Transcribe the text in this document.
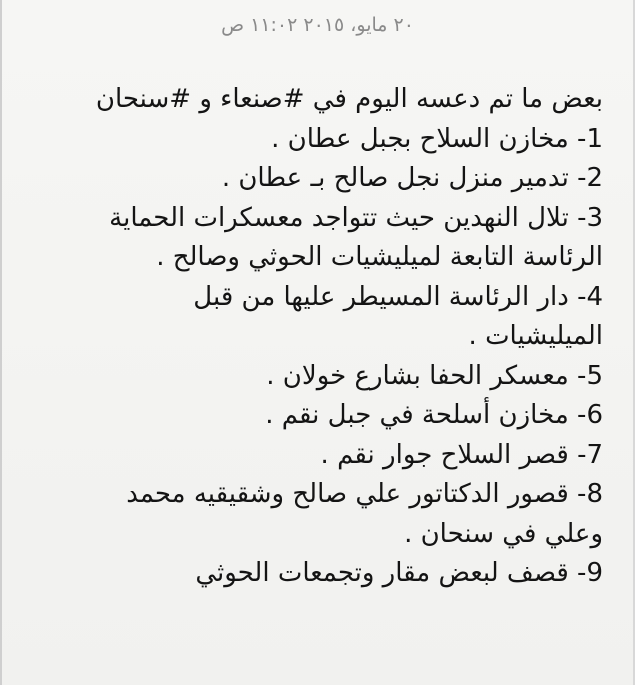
٢٠ مايو، ٢٠١٥ ١١:٠٢ ص
بعض ما تم دعسه اليوم في #صنعاء و #سنحان
1- مخازن السلاح بجبل عطان .
2- تدمير منزل نجل صالح بـ عطان .
3- تلال النهدين حيث تتواجد معسكرات الحماية
الرئاسة التابعة لميليشيات الحوثي وصالح .
4- دار الرئاسة المسيطر عليها من قبل
الميليشيات .
5- معسكر الحفا بشارع خولان .
6- مخازن أسلحة في جبل نقم .
7- قصر السلاح جوار نقم .
8- قصور الدكتاتور علي صالح وشقيقيه محمد
وعلي في سنحان .
9- قصف لبعض مقار وتجمعات الحوثي
